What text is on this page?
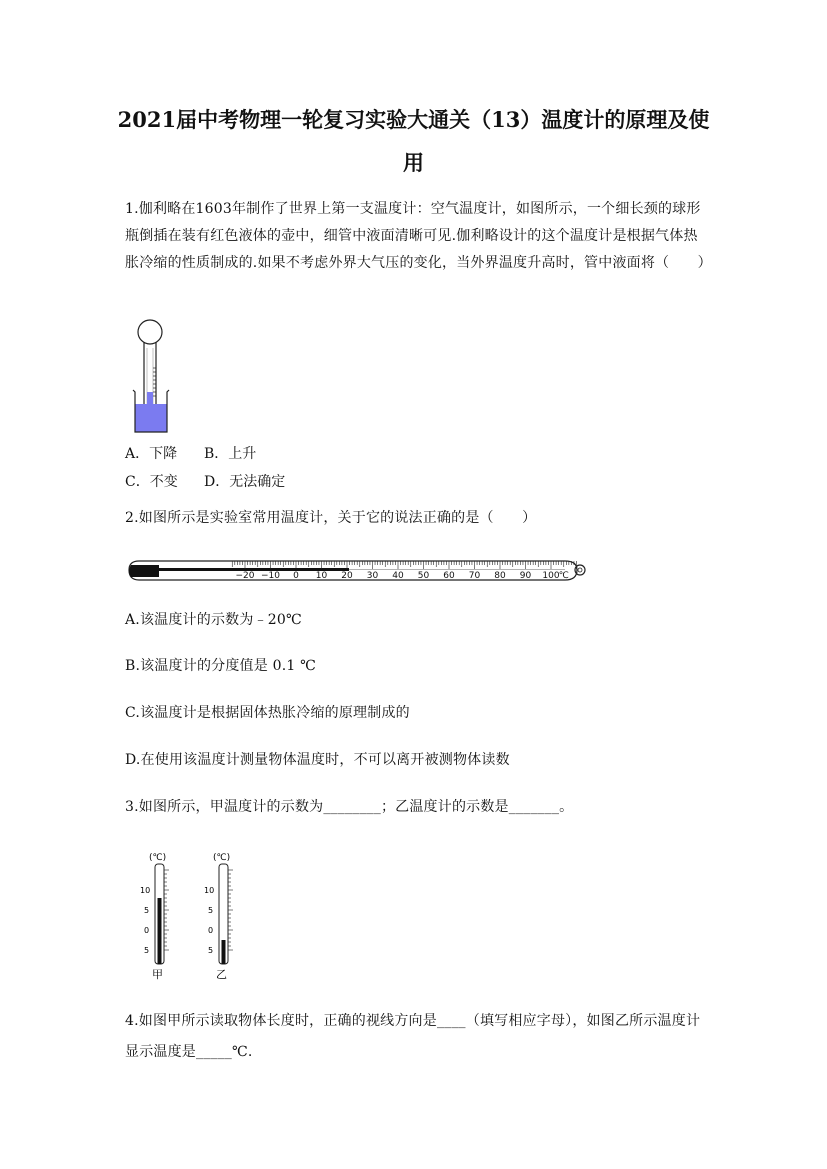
2021届中考物理一轮复习实验大通关（13）温度计的原理及使
用
1.伽利略在1603年制作了世界上第一支温度计：空气温度计，如图所示，一个细长颈的球形瓶倒插在装有红色液体的壶中，细管中液面清晰可见.伽利略设计的这个温度计是根据气体热胀冷缩的性质制成的.如果不考虑外界大气压的变化，当外界温度升高时，管中液面将（　　）
A．下降 B．上升
C．不变 D．无法确定
2.如图所示是实验室常用温度计，关于它的说法正确的是（　　）
−20 −10 0 10 20 30 40 50 60 70 80 90 100 ℃
A.该温度计的示数为﹣20℃
B.该温度计的分度值是 0.1 ℃
C.该温度计是根据固体热胀冷缩的原理制成的
D.在使用该温度计测量物体温度时，不可以离开被测物体读数
3.如图所示，甲温度计的示数为________；乙温度计的示数是_______。
(℃)
10
5
0
5
甲
(℃)
10
5
0
5
乙
4.如图甲所示读取物体长度时，正确的视线方向是____（填写相应字母），如图乙所示温度计显示温度是_____℃.
